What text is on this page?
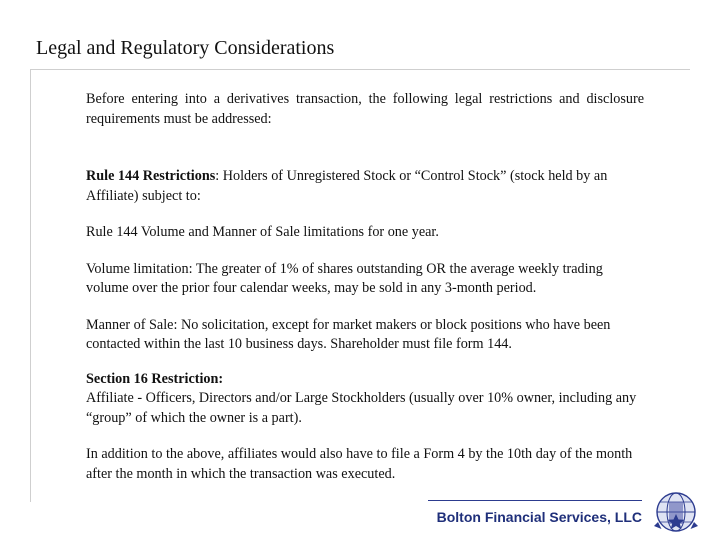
Legal and Regulatory Considerations

Before entering into a derivatives transaction, the following legal restrictions and disclosure requirements must be addressed:

Rule 144 Restrictions: Holders of Unregistered Stock or “Control Stock” (stock held by an Affiliate) subject to:

Rule 144 Volume and Manner of Sale limitations for one year.

Volume limitation: The greater of 1% of shares outstanding OR the average weekly trading volume over the prior four calendar weeks, may be sold in any 3-month period.

Manner of Sale: No solicitation, except for market makers or block positions who have been contacted within the last 10 business days. Shareholder must file form 144.

Section 16 Restriction:
Affiliate - Officers, Directors and/or Large Stockholders (usually over 10% owner, including any “group” of which the owner is a part).

In addition to the above, affiliates would also have to file a Form 4 by the 10th day of the month after the month in which the transaction was executed.

Bolton Financial Services, LLC
